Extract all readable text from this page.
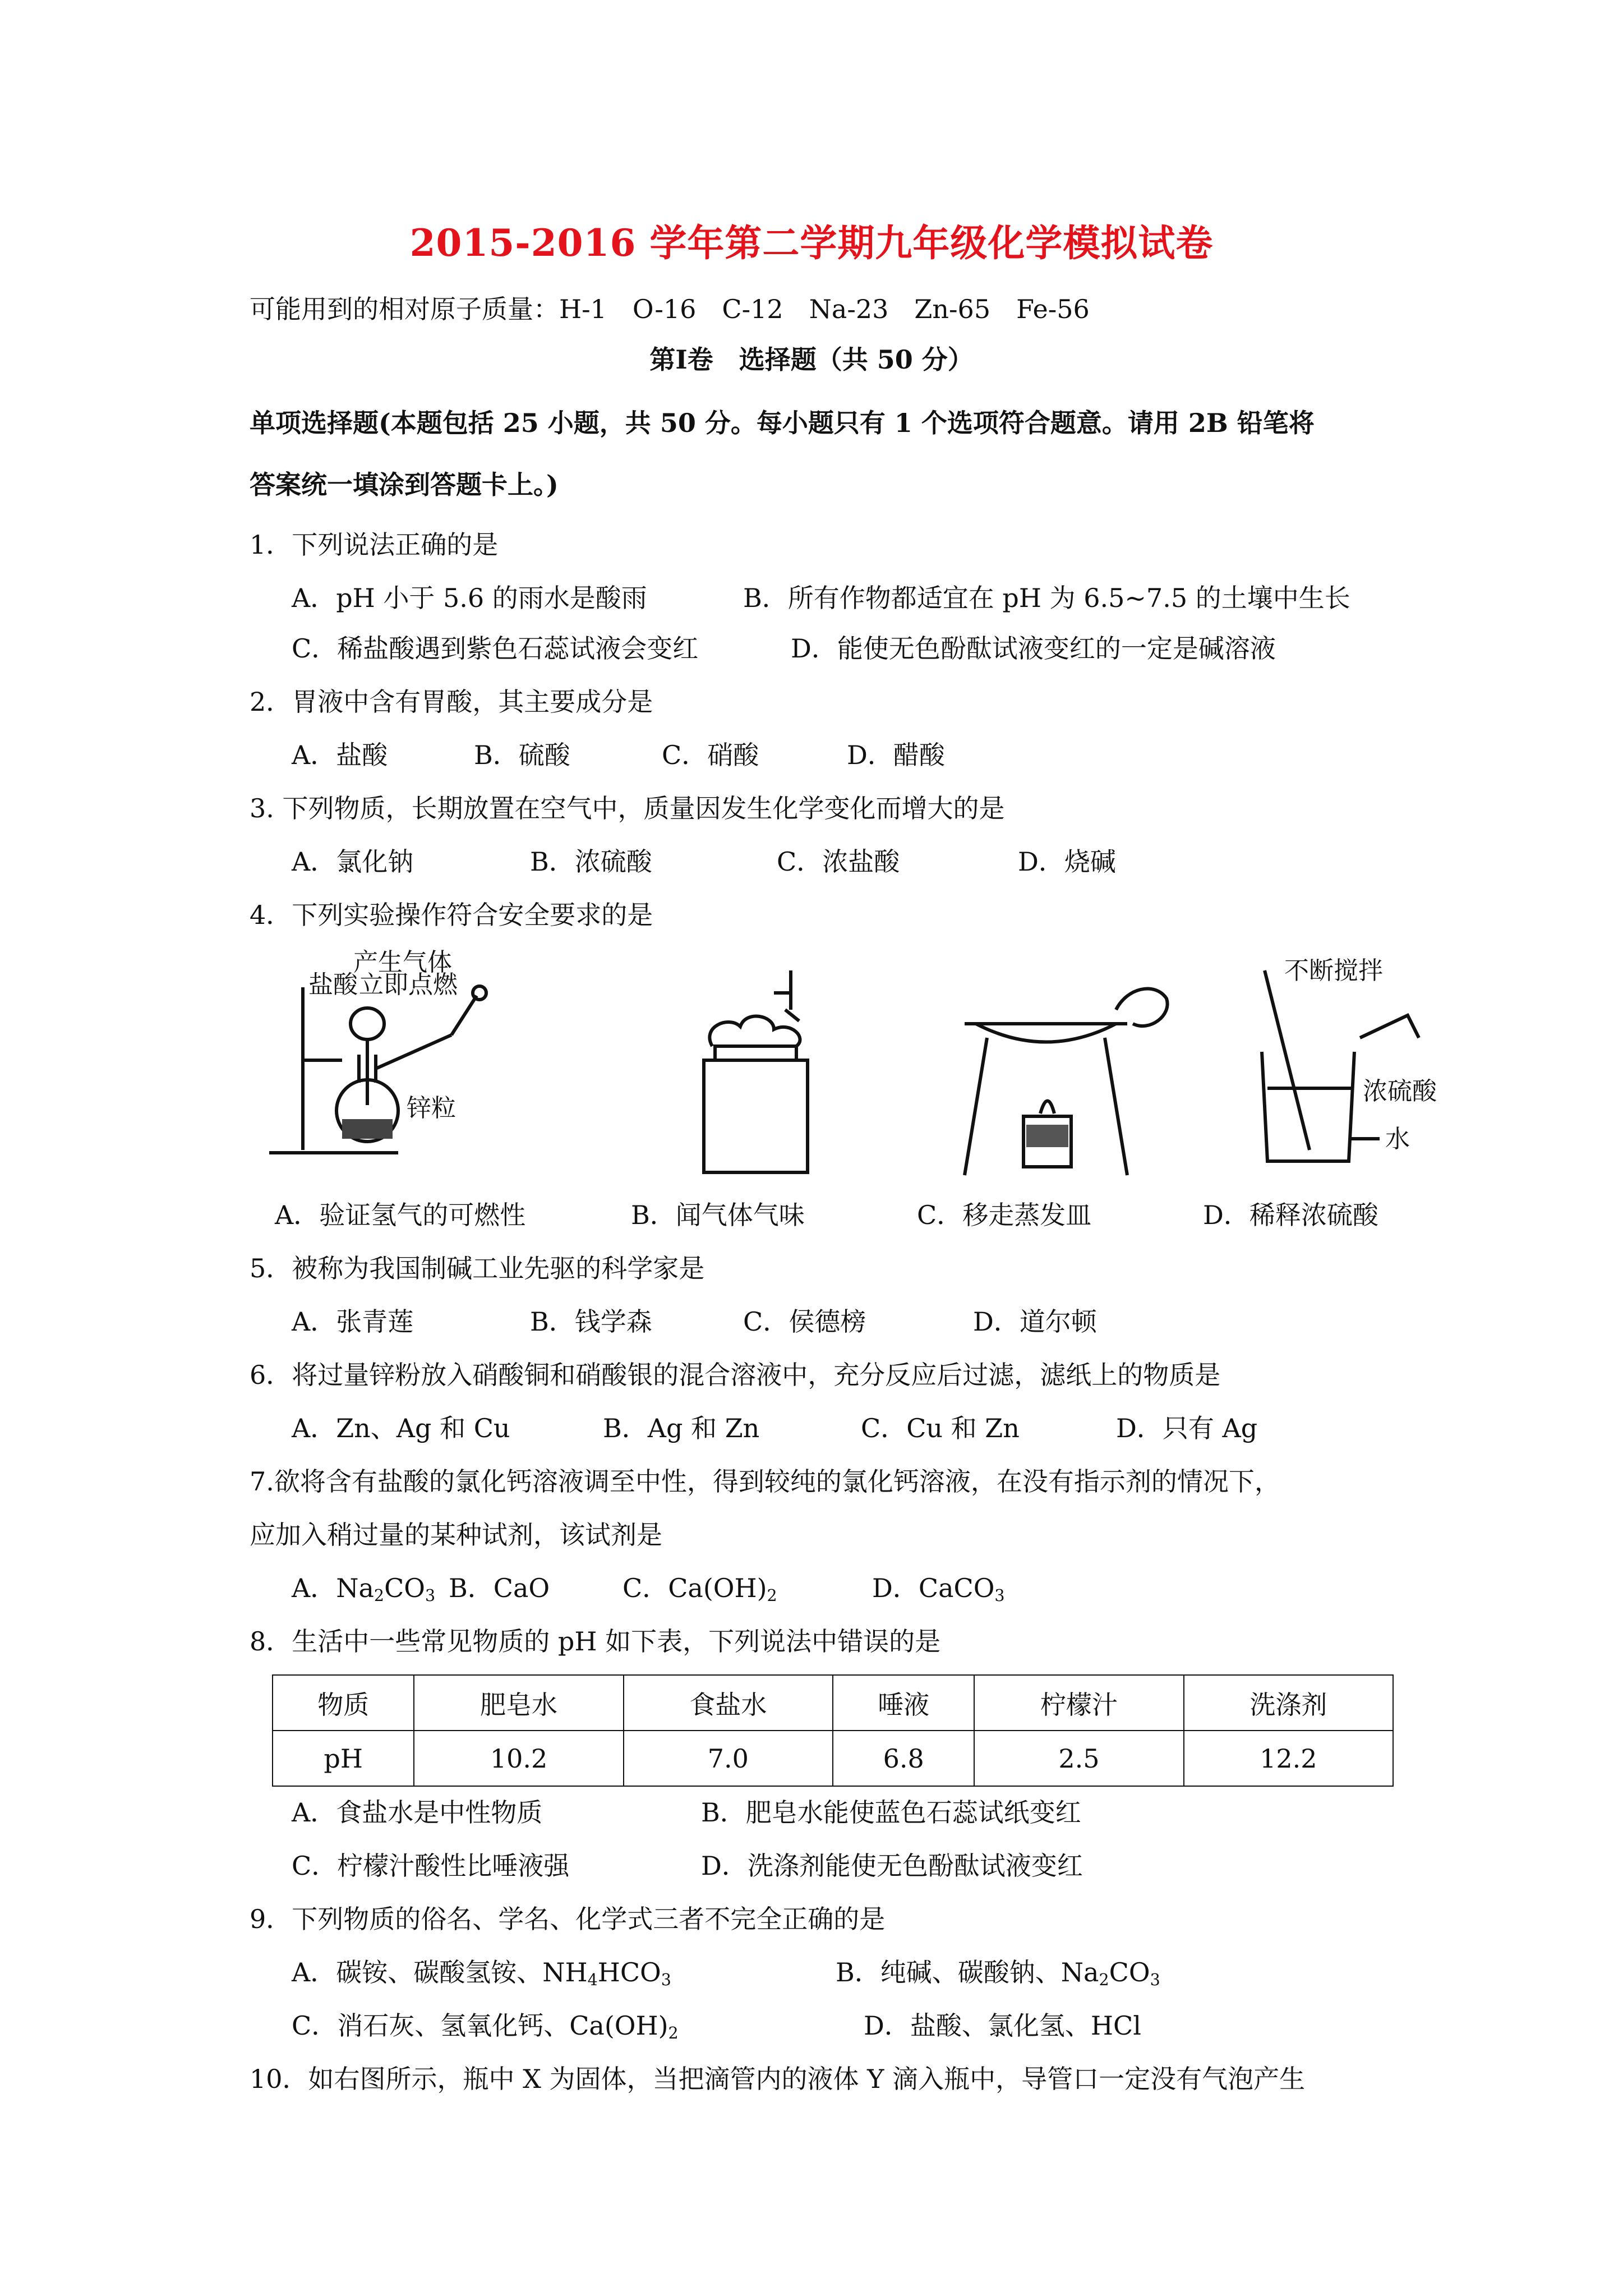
2015-2016 学年第二学期九年级化学模拟试卷
可能用到的相对原子质量：H-1　O-16　C-12　Na-23　Zn-65　Fe-56
第Ⅰ卷　选择题（共 50 分）
单项选择题(本题包括 25 小题，共 50 分。每小题只有 1 个选项符合题意。请用 2B 铅笔将
答案统一填涂到答题卡上。)
1．下列说法正确的是
A．pH 小于 5.6 的雨水是酸雨	B．所有作物都适宜在 pH 为 6.5~7.5 的土壤中生长
C．稀盐酸遇到紫色石蕊试液会变红	D．能使无色酚酞试液变红的一定是碱溶液
2．胃液中含有胃酸，其主要成分是
A．盐酸	B．硫酸	C．硝酸	D．醋酸
3. 下列物质，长期放置在空气中，质量因发生化学变化而增大的是
A．氯化钠	B．浓硫酸	C．浓盐酸	D．烧碱
4．下列实验操作符合安全要求的是
产生气体
盐酸 立即点燃
锌粒
不断搅拌
浓硫酸
水
A．验证氢气的可燃性	B．闻气体气味	C．移走蒸发皿	D．稀释浓硫酸
5．被称为我国制碱工业先驱的科学家是
A．张青莲	B．钱学森	C．侯德榜	D．道尔顿
6．将过量锌粉放入硝酸铜和硝酸银的混合溶液中，充分反应后过滤，滤纸上的物质是
A．Zn、Ag 和 Cu	B．Ag 和 Zn	C．Cu 和 Zn	D．只有 Ag
7.欲将含有盐酸的氯化钙溶液调至中性，得到较纯的氯化钙溶液，在没有指示剂的情况下，
应加入稍过量的某种试剂，该试剂是
A．$Na_2CO_3$ B．CaO	C．$Ca(OH)_2$	D．CaCO$_3$
8．生活中一些常见物质的 pH 如下表，下列说法中错误的是
物质	肥皂水	食盐水	唾液	柠檬汁	洗涤剂
pH	10.2	7.0	6.8	2.5	12.2
A．食盐水是中性物质	B．肥皂水能使蓝色石蕊试纸变红
C．柠檬汁酸性比唾液强	D．洗涤剂能使无色酚酞试液变红
9．下列物质的俗名、学名、化学式三者不完全正确的是
A．碳铵、碳酸氢铵、$NH_4HCO_3$	B．纯碱、碳酸钠、$Na_2CO_3$
C．消石灰、氢氧化钙、$Ca(OH)_2$	D．盐酸、氯化氢、HCl
10．如右图所示，瓶中 X 为固体，当把滴管内的液体 Y 滴入瓶中，导管口一定没有气泡产生
